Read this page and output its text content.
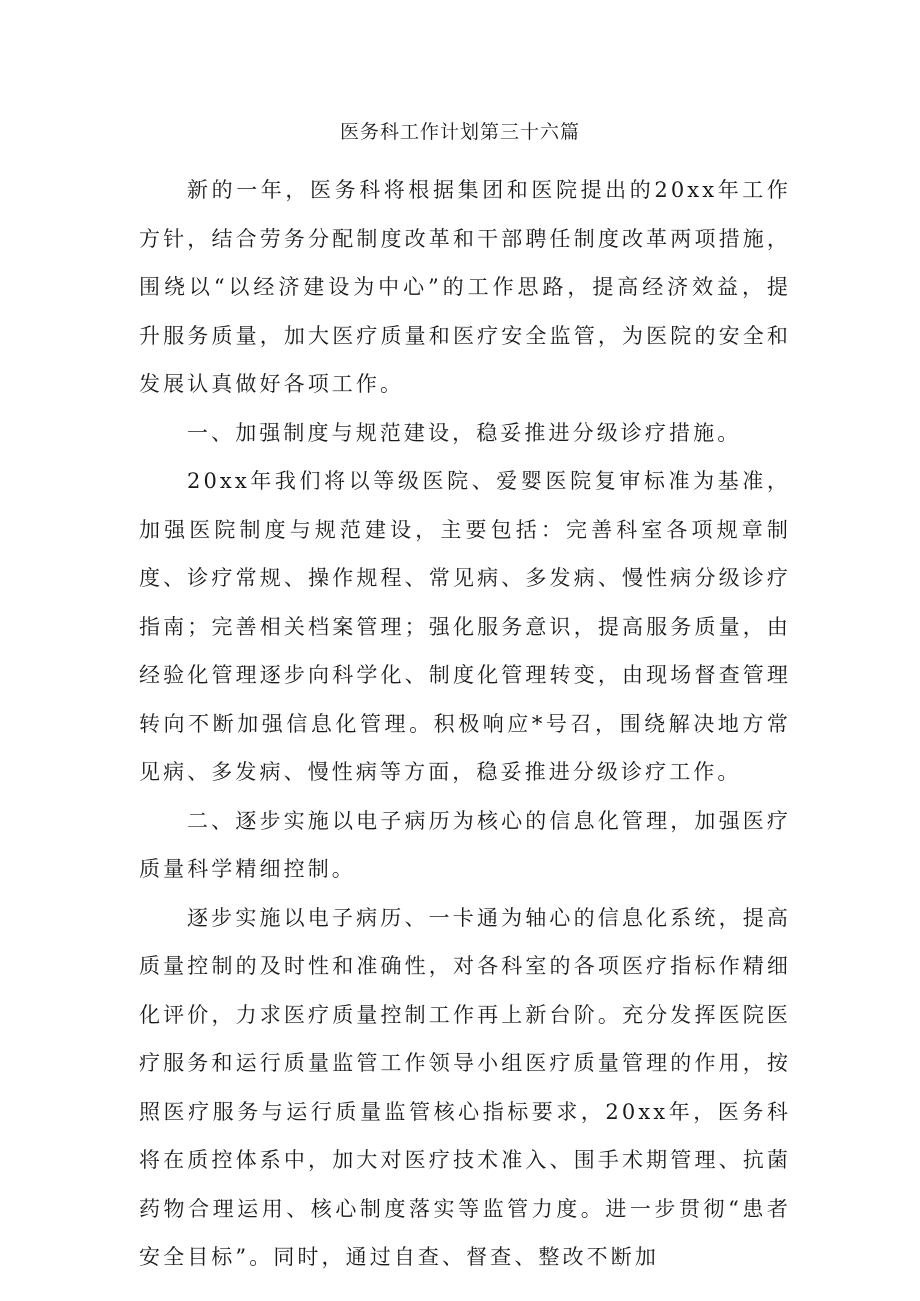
医务科工作计划第三十六篇

新的一年，医务科将根据集团和医院提出的20xx年工作方针，结合劳务分配制度改革和干部聘任制度改革两项措施，围绕以“以经济建设为中心”的工作思路，提高经济效益，提升服务质量，加大医疗质量和医疗安全监管，为医院的安全和发展认真做好各项工作。

一、加强制度与规范建设，稳妥推进分级诊疗措施。

20xx年我们将以等级医院、爱婴医院复审标准为基准，加强医院制度与规范建设，主要包括：完善科室各项规章制度、诊疗常规、操作规程、常见病、多发病、慢性病分级诊疗指南；完善相关档案管理；强化服务意识，提高服务质量，由经验化管理逐步向科学化、制度化管理转变，由现场督查管理转向不断加强信息化管理。积极响应*号召，围绕解决地方常见病、多发病、慢性病等方面，稳妥推进分级诊疗工作。

二、逐步实施以电子病历为核心的信息化管理，加强医疗质量科学精细控制。

逐步实施以电子病历、一卡通为轴心的信息化系统，提高质量控制的及时性和准确性，对各科室的各项医疗指标作精细化评价，力求医疗质量控制工作再上新台阶。充分发挥医院医疗服务和运行质量监管工作领导小组医疗质量管理的作用，按照医疗服务与运行质量监管核心指标要求，20xx年，医务科将在质控体系中，加大对医疗技术准入、围手术期管理、抗菌药物合理运用、核心制度落实等监管力度。进一步贯彻“患者安全目标”。同时，通过自查、督查、整改不断加
